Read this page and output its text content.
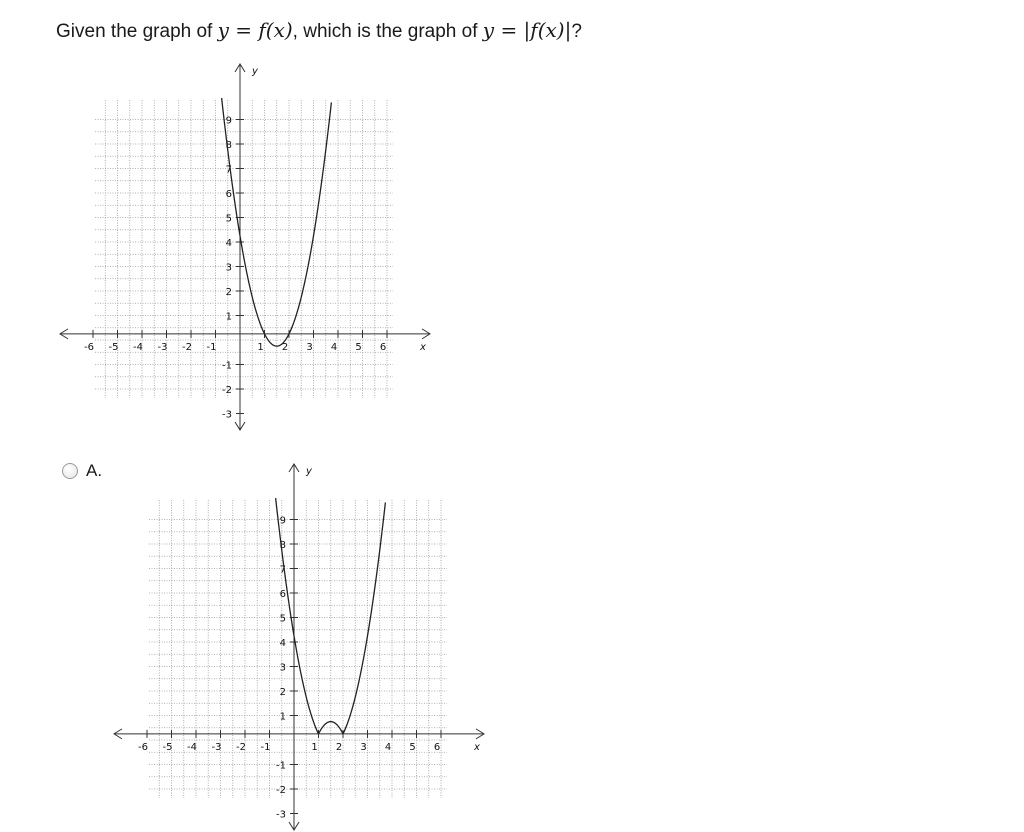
Given the graph of y = f(x), which is the graph of y = |f(x)|?
y
x
-6 -5 -4 -3 -2 -1	1 2 3 4 5 6
-3
-2
-1
1
2
3
4
5
6
7
8
9
A.	y
x
-6 -5 -4 -3 -2 -1	1 2 3 4 5 6
-3
-2
-1
1
2
3
4
5
6
7
8
9
